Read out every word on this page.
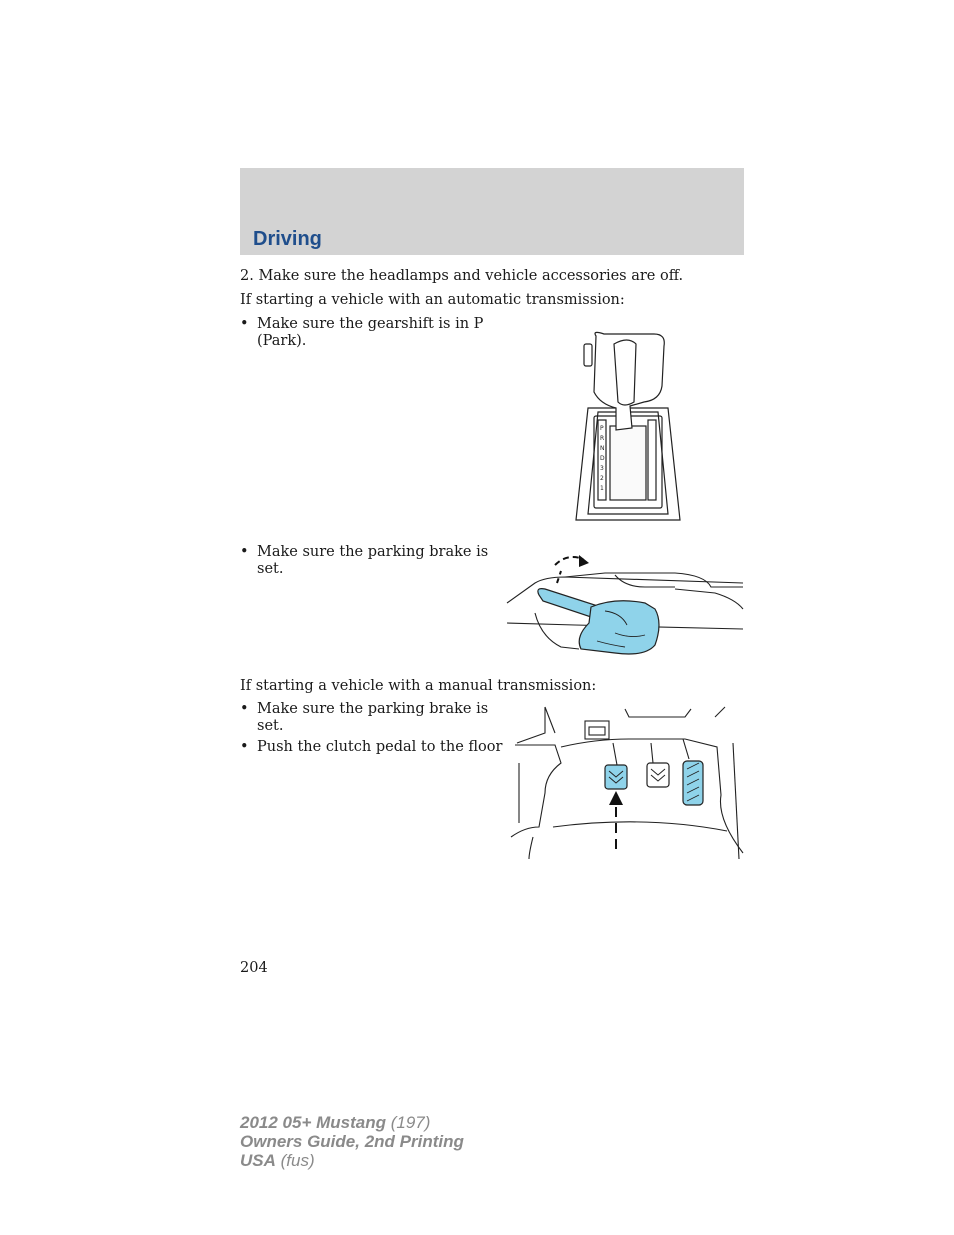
Driving
2. Make sure the headlamps and vehicle accessories are off.
If starting a vehicle with an automatic transmission:
• Make sure the gearshift is in P
(Park).
• Make sure the parking brake is
set.
If starting a vehicle with a manual transmission:
• Make sure the parking brake is
set.
• Push the clutch pedal to the floor
P
R
N
D
3
2
1
204
2012 05+ Mustang (197)
Owners Guide, 2nd Printing
USA (fus)
